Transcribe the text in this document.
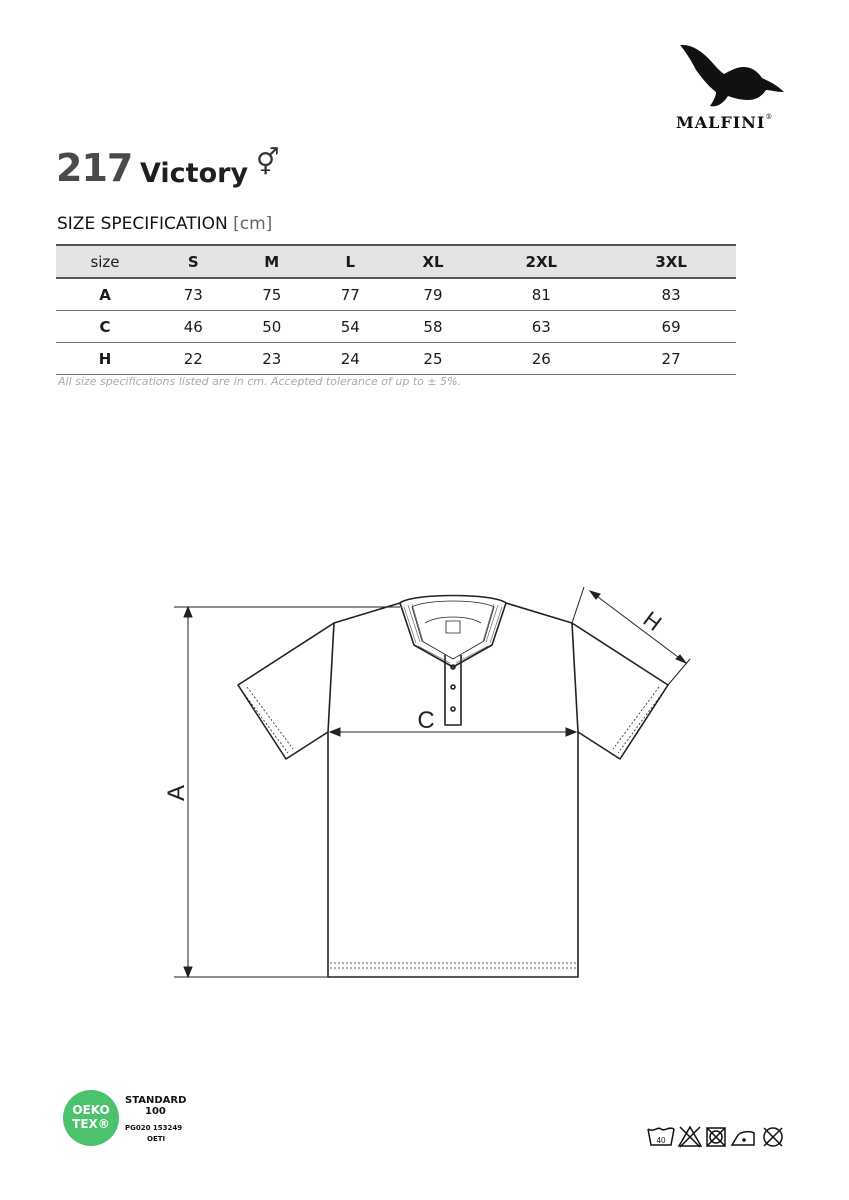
MALFINI®
217 Victory ⚥
SIZE SPECIFICATION [cm]
size	S	M	L	XL	2XL	3XL
A	73	75	77	79	81	83
C	46	50	54	58	63	69
H	22	23	24	25	26	27
All size specifications listed are in cm. Accepted tolerance of up to ± 5%.
A
C
H
OEKO
TEX®
STANDARD
100
PG020 153249
OETI	40
